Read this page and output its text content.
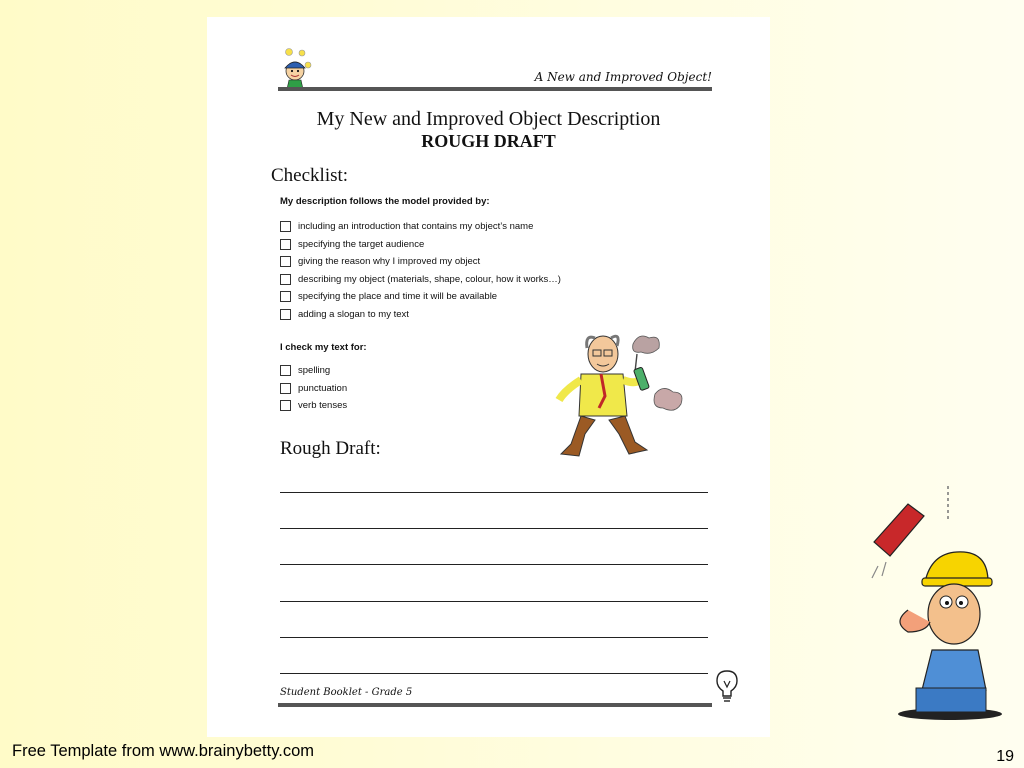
A New and Improved Object!
My New and Improved Object Description
ROUGH DRAFT
Checklist:
My description follows the model provided by:
including an introduction that contains my object’s name
specifying the target audience
giving the reason why I improved my object
describing my object (materials, shape, colour, how it works…)
specifying the place and time it will be available
adding a slogan to my text
I check my text for:
spelling
punctuation
verb tenses
Rough Draft:
Student Booklet - Grade 5
Free Template from www.brainybetty.com	19
